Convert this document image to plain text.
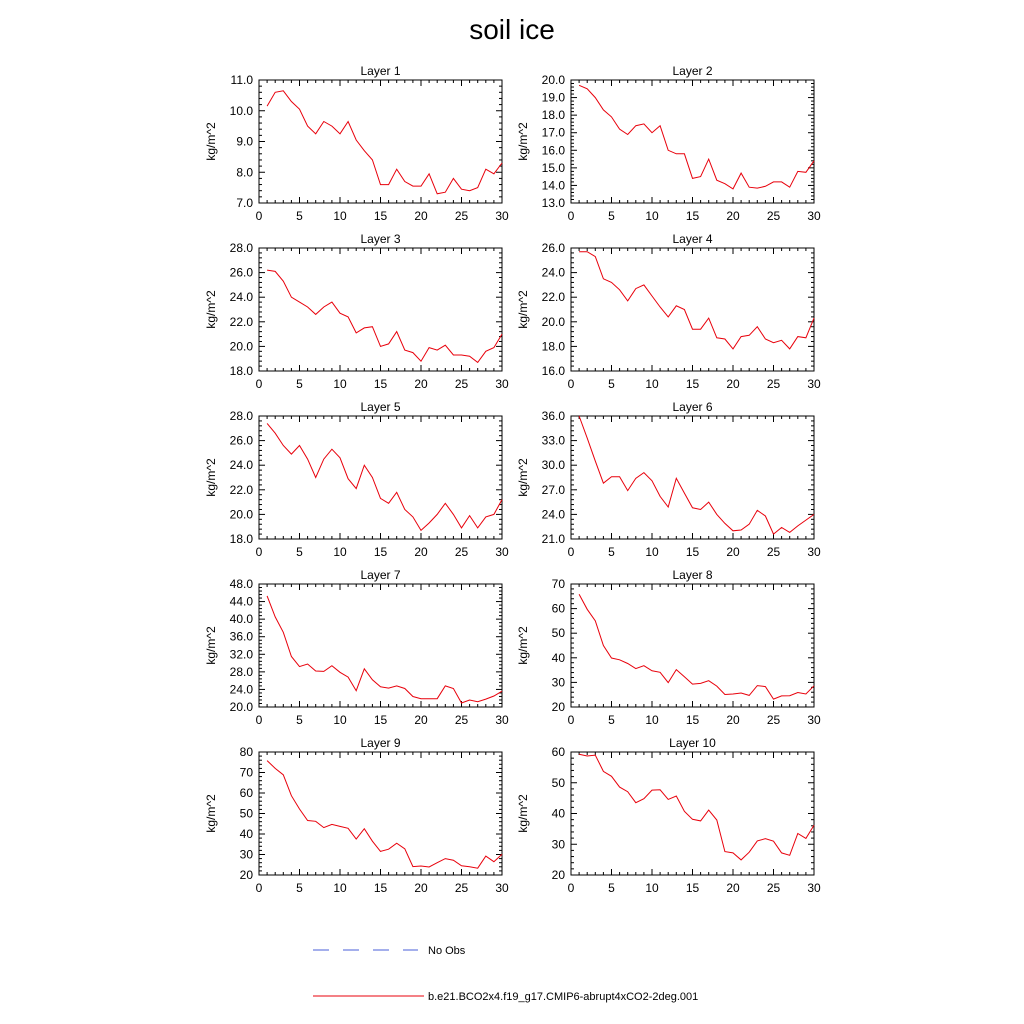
soil ice
Layer 1
0	5	10 15 20 25 30
7.0
8.0
9.0
10.0
11.0
kg/m^2
Layer 2
0	5	10 15 20 25 30
13.0
14.0
15.0
16.0
17.0
18.0
19.0
20.0
kg/m^2
Layer 3
0	5	10 15 20 25 30
18.0
20.0
22.0
24.0
26.0
28.0
kg/m^2
Layer 4
0	5	10 15 20 25 30
16.0
18.0
20.0
22.0
24.0
26.0
kg/m^2
Layer 5
0	5	10 15 20 25 30
18.0
20.0
22.0
24.0
26.0
28.0
kg/m^2
Layer 6
0	5	10 15 20 25 30
21.0
24.0
27.0
30.0
33.0
36.0
kg/m^2
Layer 7
0	5	10 15 20 25 30
20.0
24.0
28.0
32.0
36.0
40.0
44.0
48.0
kg/m^2
Layer 8
0	5	10 15 20 25 30
20
30
40
50
60
70
kg/m^2
Layer 9
0	5	10 15 20 25 30
20
30
40
50
60
70
80
kg/m^2
Layer 10
0	5	10 15 20 25 30
20
30
40
50
60
kg/m^2
No Obs
b.e21.BCO2x4.f19_g17.CMIP6-abrupt4xCO2-2deg.001
